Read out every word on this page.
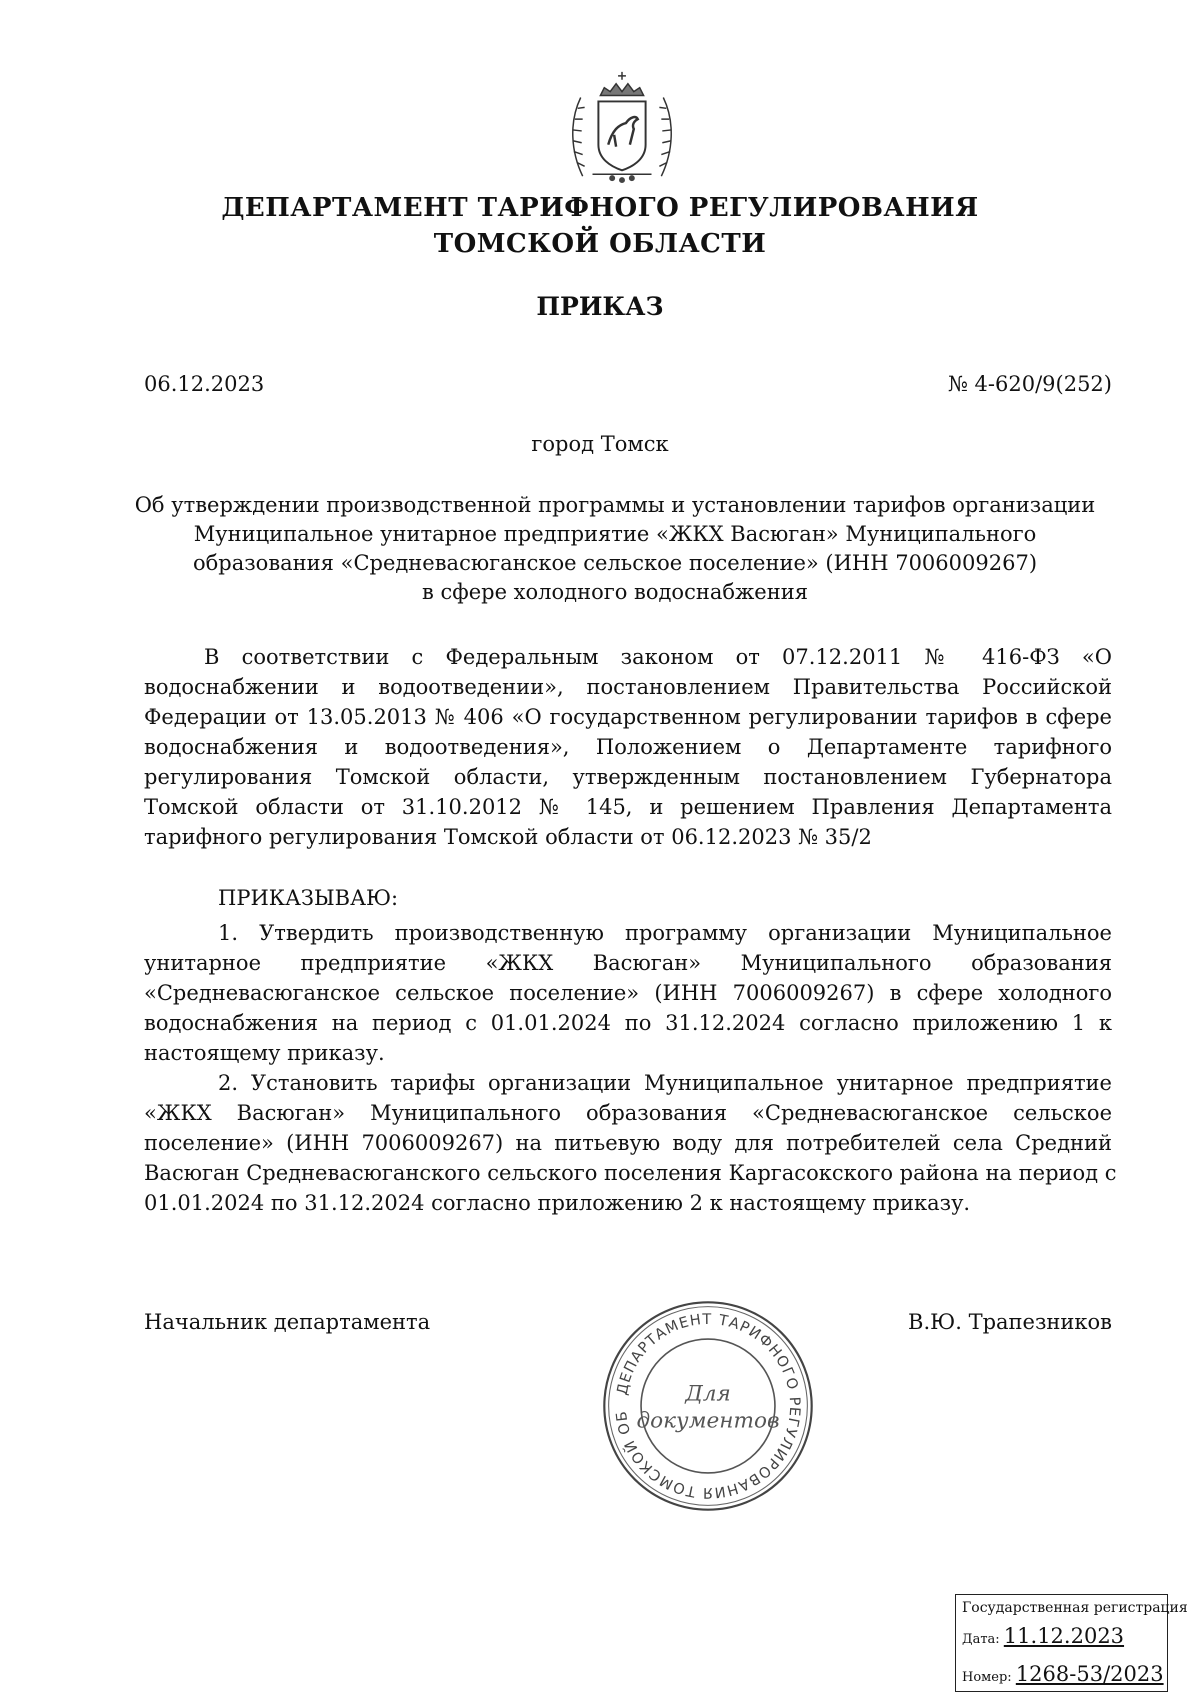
ДЕПАРТАМЕНТ ТАРИФНОГО РЕГУЛИРОВАНИЯ
ТОМСКОЙ ОБЛАСТИ
ПРИКАЗ
06.12.2023	№ 4-620/9(252)
город Томск
Об утверждении производственной программы и установлении тарифов организации
Муниципальное унитарное предприятие «ЖКХ Васюган» Муниципального
образования «Средневасюганское сельское поселение» (ИНН 7006009267)
в сфере холодного водоснабжения
В соответствии с Федеральным законом от 07.12.2011 № 416-ФЗ «О
водоснабжении и водоотведении», постановлением Правительства Российской
Федерации от 13.05.2013 № 406 «О государственном регулировании тарифов в сфере
водоснабжения и водоотведения», Положением о Департаменте тарифного
регулирования Томской области, утвержденным постановлением Губернатора
Томской области от 31.10.2012 № 145, и решением Правления Департамента
тарифного регулирования Томской области от 06.12.2023 № 35/2
ПРИКАЗЫВАЮ:
1. Утвердить производственную программу организации Муниципальное
унитарное предприятие «ЖКХ Васюган» Муниципального образования
«Средневасюганское сельское поселение» (ИНН 7006009267) в сфере холодного
водоснабжения на период с 01.01.2024 по 31.12.2024 согласно приложению 1 к
настоящему приказу.
2. Установить тарифы организации Муниципальное унитарное предприятие
«ЖКХ Васюган» Муниципального образования «Средневасюганское сельское
поселение» (ИНН 7006009267) на питьевую воду для потребителей села Средний
Васюган Средневасюганского сельского поселения Каргасокского района на период с
01.01.2024 по 31.12.2024 согласно приложению 2 к настоящему приказу.
Начальник департамента	В.Ю. Трапезников
ДЕПАРТАМЕНТ ТАРИФНОГО РЕГУЛИРОВАНИЯ ТОМСКОЙ ОБ
Для
документов
Государственная регистрация
Дата: 11.12.2023
Номер: 1268-53/2023
